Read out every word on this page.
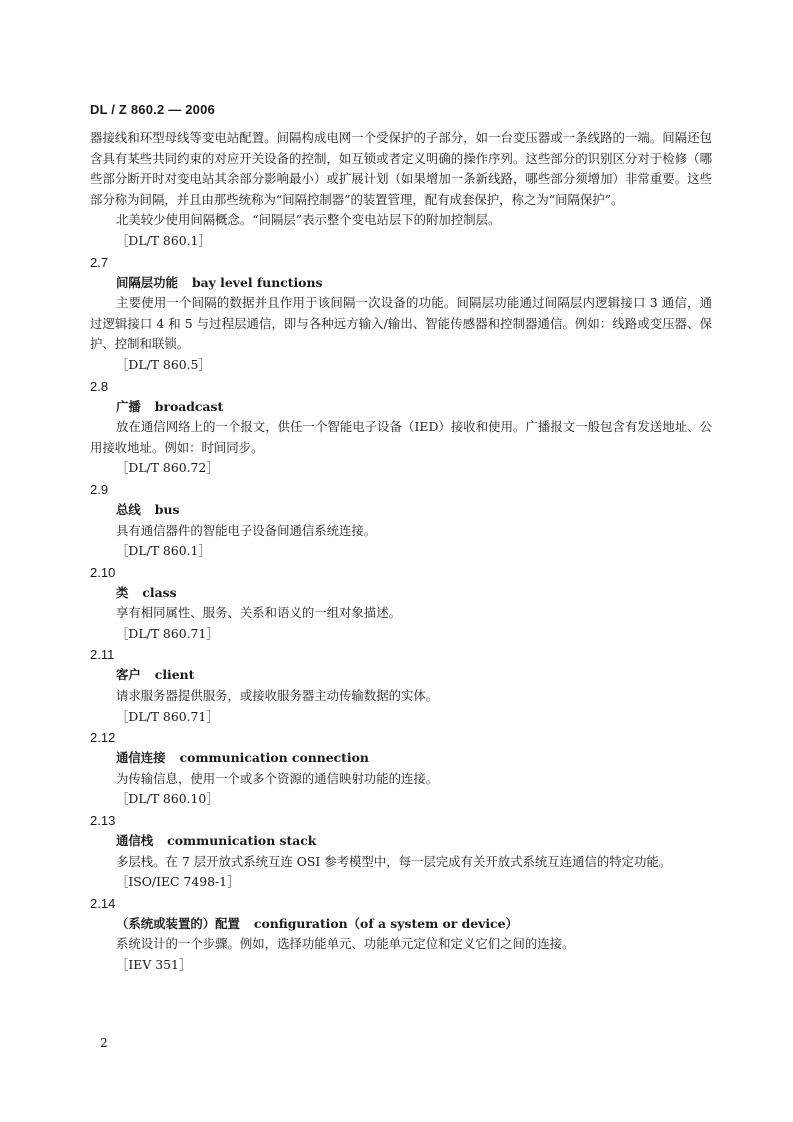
DL / Z 860.2 — 2006

器接线和环型母线等变电站配置。间隔构成电网一个受保护的子部分，如一台变压器或一条线路的一端。间隔还包含具有某些共同约束的对应开关设备的控制，如互锁或者定义明确的操作序列。这些部分的识别区分对于检修（哪些部分断开时对变电站其余部分影响最小）或扩展计划（如果增加一条新线路，哪些部分须增加）非常重要。这些部分称为间隔，并且由那些统称为“间隔控制器”的装置管理，配有成套保护，称之为“间隔保护”。

北美较少使用间隔概念。“间隔层”表示整个变电站层下的附加控制层。

［DL/T 860.1］

2.7

间隔层功能 bay level functions

主要使用一个间隔的数据并且作用于该间隔一次设备的功能。间隔层功能通过间隔层内逻辑接口 3 通信，通过逻辑接口 4 和 5 与过程层通信，即与各种远方输入/输出、智能传感器和控制器通信。例如：线路或变压器、保护、控制和联锁。

［DL/T 860.5］

2.8

广播 broadcast

放在通信网络上的一个报文，供任一个智能电子设备（IED）接收和使用。广播报文一般包含有发送地址、公用接收地址。例如：时间同步。

［DL/T 860.72］

2.9

总线 bus

具有通信器件的智能电子设备间通信系统连接。

［DL/T 860.1］

2.10

类 class

享有相同属性、服务、关系和语义的一组对象描述。

［DL/T 860.71］

2.11

客户 client

请求服务器提供服务，或接收服务器主动传输数据的实体。

［DL/T 860.71］

2.12

通信连接 communication connection

为传输信息，使用一个或多个资源的通信映射功能的连接。

［DL/T 860.10］

2.13

通信栈 communication stack

多层栈。在 7 层开放式系统互连 OSI 参考模型中，每一层完成有关开放式系统互连通信的特定功能。

［ISO/IEC 7498-1］

2.14

（系统或装置的）配置 configuration（of a system or device）

系统设计的一个步骤。例如，选择功能单元、功能单元定位和定义它们之间的连接。

［IEV 351］

2
